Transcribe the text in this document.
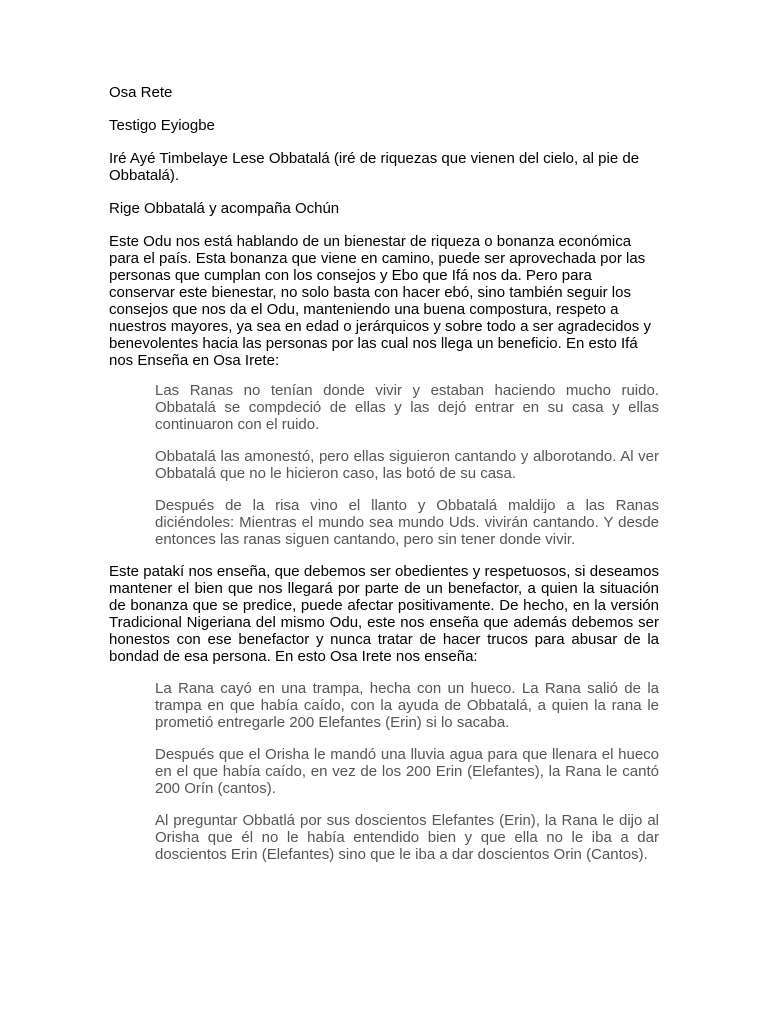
Osa Rete

Testigo Eyiogbe

Iré Ayé Timbelaye Lese Obbatalá (iré de riquezas que vienen del cielo, al pie de Obbatalá).

Rige Obbatalá y acompaña Ochún

Este Odu nos está hablando de un bienestar de riqueza o bonanza económica para el país. Esta bonanza que viene en camino, puede ser aprovechada por las personas que cumplan con los consejos y Ebo que Ifá nos da. Pero para conservar este bienestar, no solo basta con hacer ebó, sino también seguir los consejos que nos da el Odu, manteniendo una buena compostura, respeto a nuestros mayores, ya sea en edad o jerárquicos y sobre todo a ser agradecidos y benevolentes hacia las personas por las cual nos llega un beneficio. En esto Ifá nos Enseña en Osa Irete:

Las Ranas no tenían donde vivir y estaban haciendo mucho ruido. Obbatalá se compdeció de ellas y las dejó entrar en su casa y ellas continuaron con el ruido.

Obbatalá las amonestó, pero ellas siguieron cantando y alborotando. Al ver Obbatalá que no le hicieron caso, las botó de su casa.

Después de la risa vino el llanto y Obbatalá maldijo a las Ranas diciéndoles: Mientras el mundo sea mundo Uds. vivirán cantando. Y desde entonces las ranas siguen cantando, pero sin tener donde vivir.

Este patakí nos enseña, que debemos ser obedientes y respetuosos, si deseamos mantener el bien que nos llegará por parte de un benefactor, a quien la situación de bonanza que se predice, puede afectar positivamente. De hecho, en la versión Tradicional Nigeriana del mismo Odu, este nos enseña que además debemos ser honestos con ese benefactor y nunca tratar de hacer trucos para abusar de la bondad de esa persona. En esto Osa Irete nos enseña:

La Rana cayó en una trampa, hecha con un hueco. La Rana salió de la trampa en que había caído, con la ayuda de Obbatalá, a quien la rana le prometió entregarle 200 Elefantes (Erin) si lo sacaba.

Después que el Orisha le mandó una lluvia agua para que llenara el hueco en el que había caído, en vez de los 200 Erin (Elefantes), la Rana le cantó 200 Orín (cantos).

Al preguntar Obbatlá por sus doscientos Elefantes (Erin), la Rana le dijo al Orisha que él no le había entendido bien y que ella no le iba a dar doscientos Erin (Elefantes) sino que le iba a dar doscientos Orin (Cantos).
